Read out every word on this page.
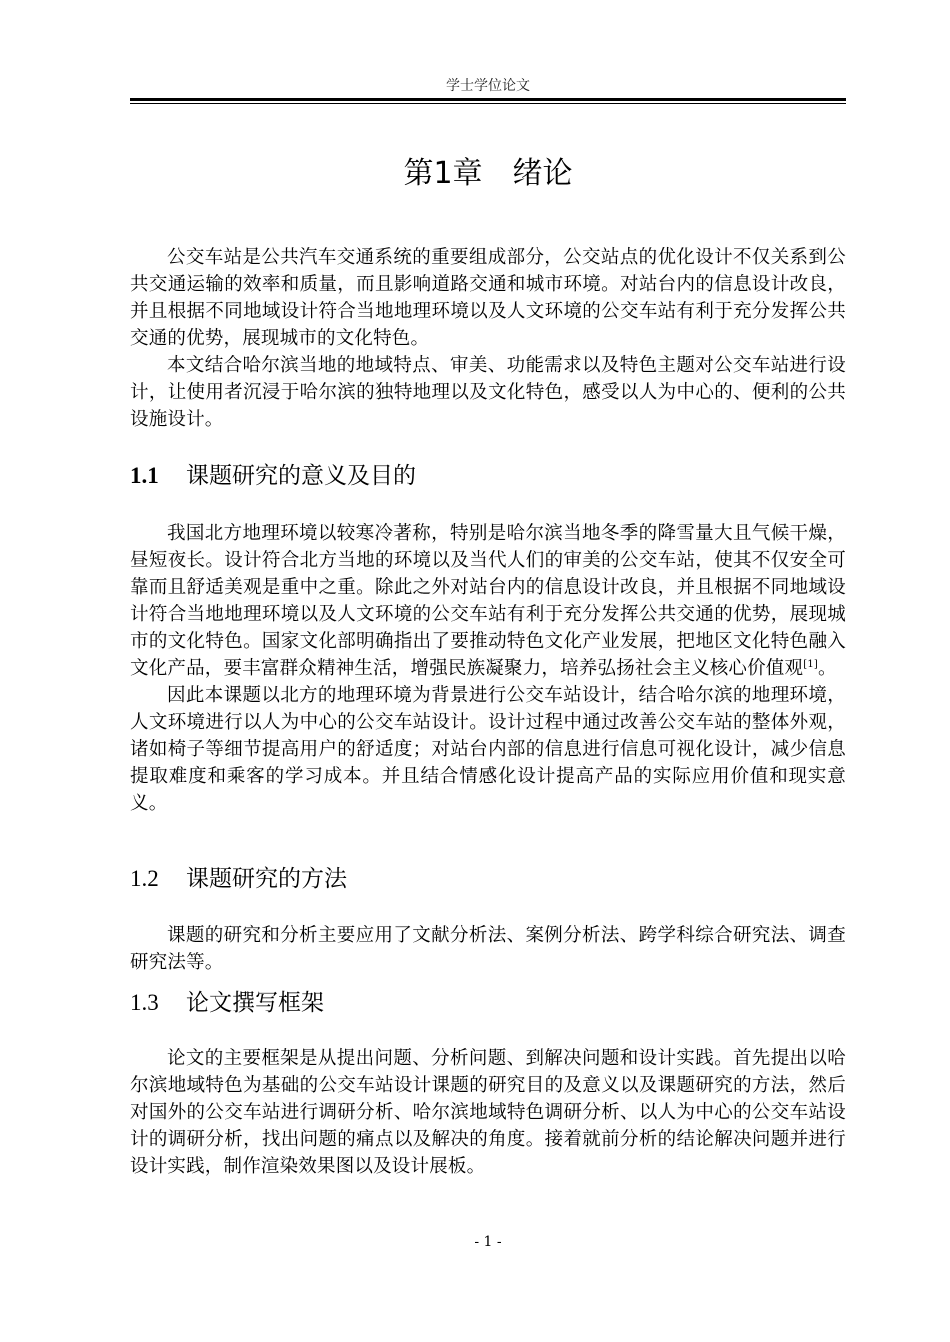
学士学位论文
第1章　绪论

公交车站是公共汽车交通系统的重要组成部分，公交站点的优化设计不仅关系到公共交通运输的效率和质量，而且影响道路交通和城市环境。对站台内的信息设计改良，并且根据不同地域设计符合当地地理环境以及人文环境的公交车站有利于充分发挥公共交通的优势，展现城市的文化特色。

本文结合哈尔滨当地的地域特点、审美、功能需求以及特色主题对公交车站进行设计，让使用者沉浸于哈尔滨的独特地理以及文化特色，感受以人为中心的、便利的公共设施设计。

1.1 课题研究的意义及目的

我国北方地理环境以较寒冷著称，特别是哈尔滨当地冬季的降雪量大且气候干燥，昼短夜长。设计符合北方当地的环境以及当代人们的审美的公交车站，使其不仅安全可靠而且舒适美观是重中之重。除此之外对站台内的信息设计改良，并且根据不同地域设计符合当地地理环境以及人文环境的公交车站有利于充分发挥公共交通的优势，展现城市的文化特色。国家文化部明确指出了要推动特色文化产业发展，把地区文化特色融入文化产品，要丰富群众精神生活，增强民族凝聚力，培养弘扬社会主义核心价值观[1]。

因此本课题以北方的地理环境为背景进行公交车站设计，结合哈尔滨的地理环境，人文环境进行以人为中心的公交车站设计。设计过程中通过改善公交车站的整体外观，诸如椅子等细节提高用户的舒适度；对站台内部的信息进行信息可视化设计，减少信息提取难度和乘客的学习成本。并且结合情感化设计提高产品的实际应用价值和现实意义。

1.2 课题研究的方法

课题的研究和分析主要应用了文献分析法、案例分析法、跨学科综合研究法、调查研究法等。

1.3 论文撰写框架

论文的主要框架是从提出问题、分析问题、到解决问题和设计实践。首先提出以哈尔滨地域特色为基础的公交车站设计课题的研究目的及意义以及课题研究的方法，然后对国外的公交车站进行调研分析、哈尔滨地域特色调研分析、以人为中心的公交车站设计的调研分析，找出问题的痛点以及解决的角度。接着就前分析的结论解决问题并进行设计实践，制作渲染效果图以及设计展板。

- 1 -
